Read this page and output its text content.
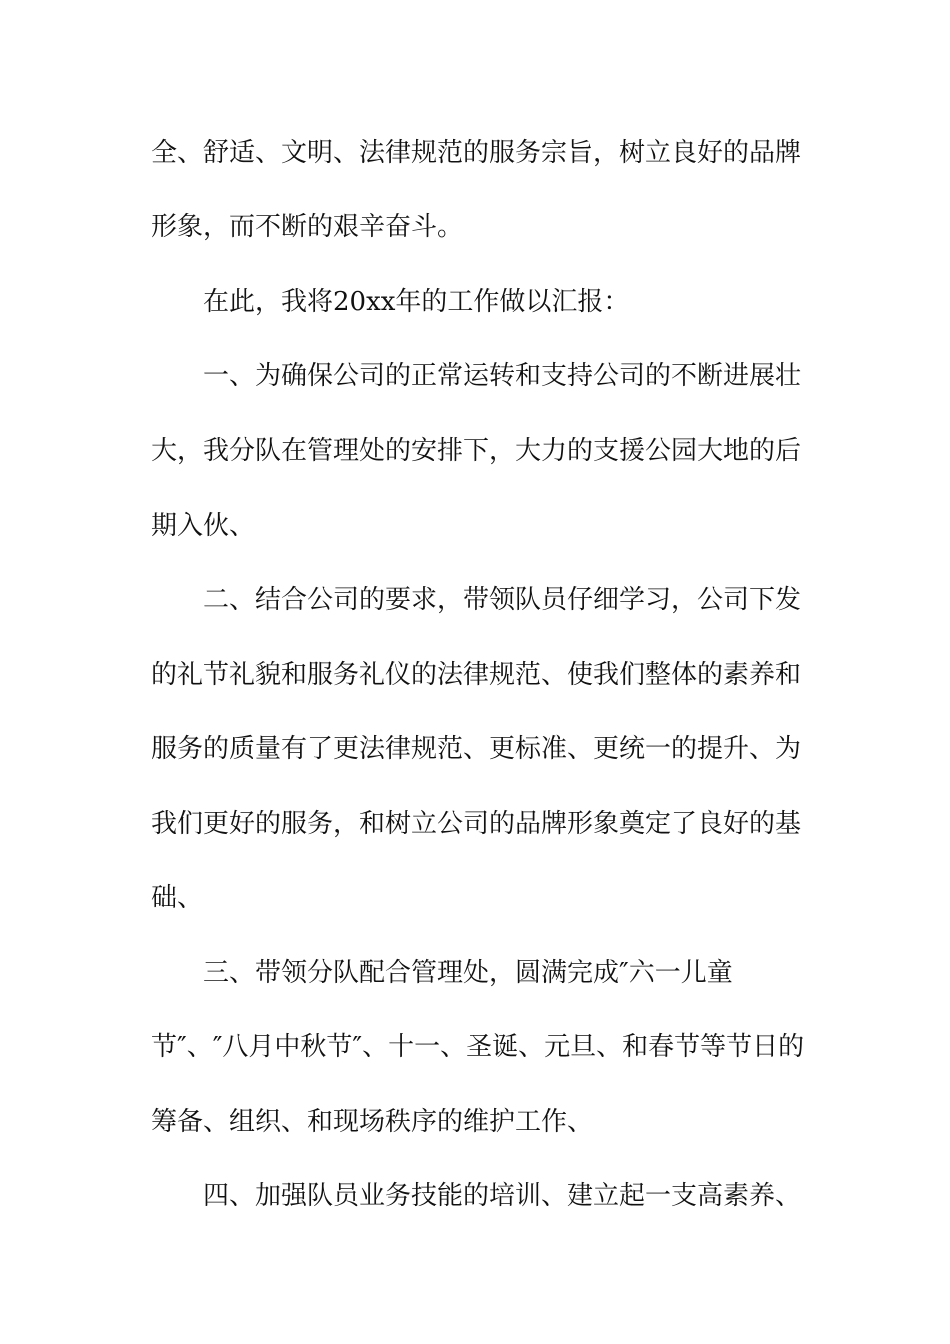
全、舒适、文明、法律规范的服务宗旨，树立良好的品牌

形象，而不断的艰辛奋斗。

在此，我将20xx年的工作做以汇报：

一、为确保公司的正常运转和支持公司的不断进展壮

大，我分队在管理处的安排下，大力的支援公园大地的后

期入伙、

二、结合公司的要求，带领队员仔细学习，公司下发

的礼节礼貌和服务礼仪的法律规范、使我们整体的素养和

服务的质量有了更法律规范、更标准、更统一的提升、为

我们更好的服务，和树立公司的品牌形象奠定了良好的基

础、

三、带领分队配合管理处，圆满完成″六一儿童

节″、″八月中秋节″、十一、圣诞、元旦、和春节等节日的

筹备、组织、和现场秩序的维护工作、

四、加强队员业务技能的培训、建立起一支高素养、
